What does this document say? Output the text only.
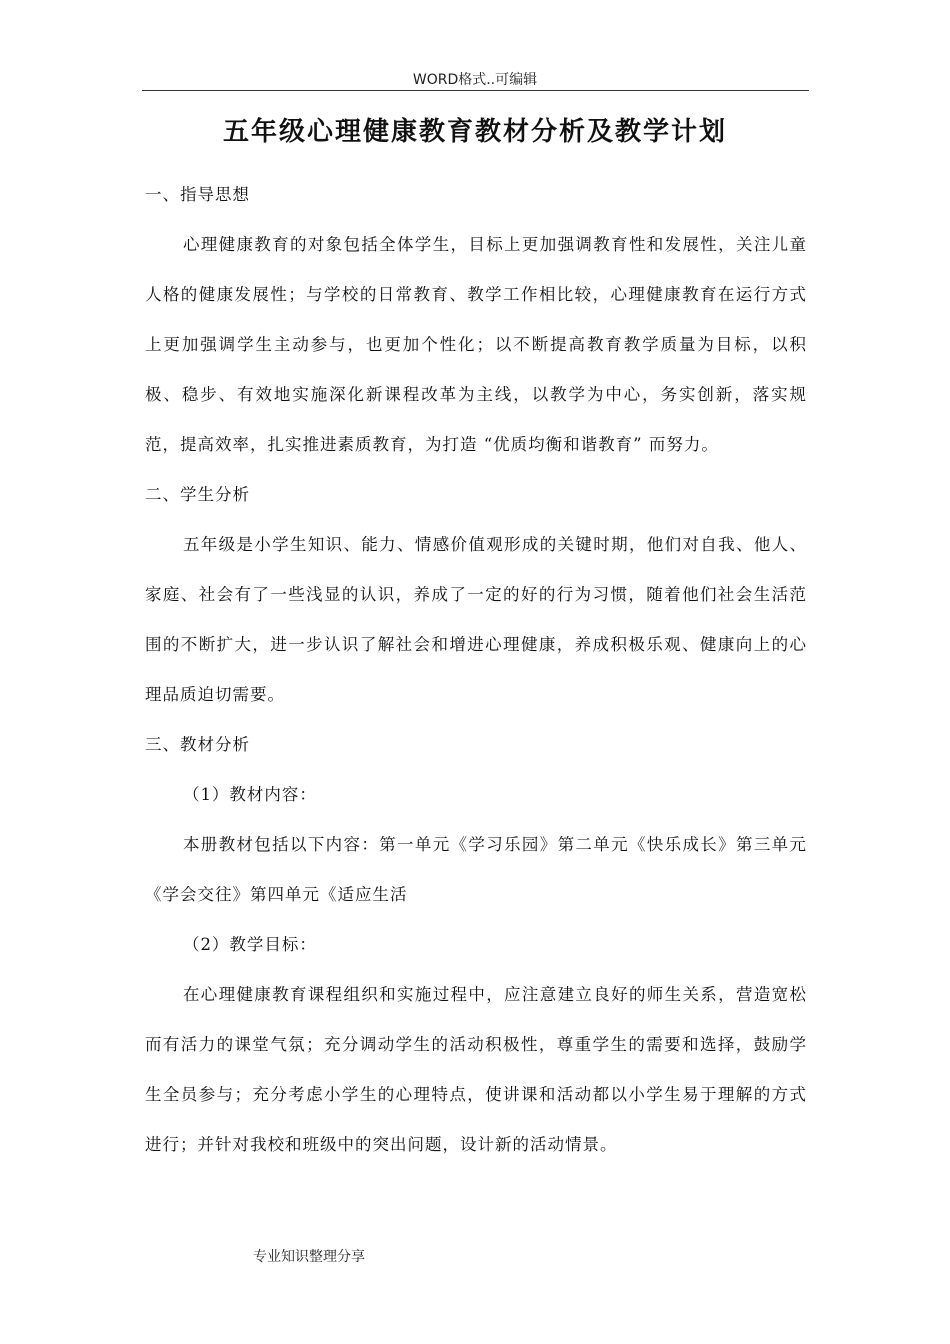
WORD格式..可编辑
五年级心理健康教育教材分析及教学计划

一、指导思想

心理健康教育的对象包括全体学生，目标上更加强调教育性和发展性，关注儿童人格的健康发展性；与学校的日常教育、教学工作相比较，心理健康教育在运行方式上更加强调学生主动参与，也更加个性化；以不断提高教育教学质量为目标，以积极、稳步、有效地实施深化新课程改革为主线，以教学为中心，务实创新，落实规范，提高效率，扎实推进素质教育，为打造 “优质均衡和谐教育” 而努力。

二、学生分析

五年级是小学生知识、能力、情感价值观形成的关键时期，他们对自我、他人、家庭、社会有了一些浅显的认识，养成了一定的好的行为习惯，随着他们社会生活范围的不断扩大，进一步认识了解社会和增进心理健康，养成积极乐观、健康向上的心理品质迫切需要。

三、教材分析

（1）教材内容：

本册教材包括以下内容：第一单元《学习乐园》第二单元《快乐成长》第三单元《学会交往》第四单元《适应生活

（2）教学目标：

在心理健康教育课程组织和实施过程中，应注意建立良好的师生关系，营造宽松而有活力的课堂气氛；充分调动学生的活动积极性，尊重学生的需要和选择，鼓励学生全员参与；充分考虑小学生的心理特点，使讲课和活动都以小学生易于理解的方式进行；并针对我校和班级中的突出问题，设计新的活动情景。

专业知识整理分享
